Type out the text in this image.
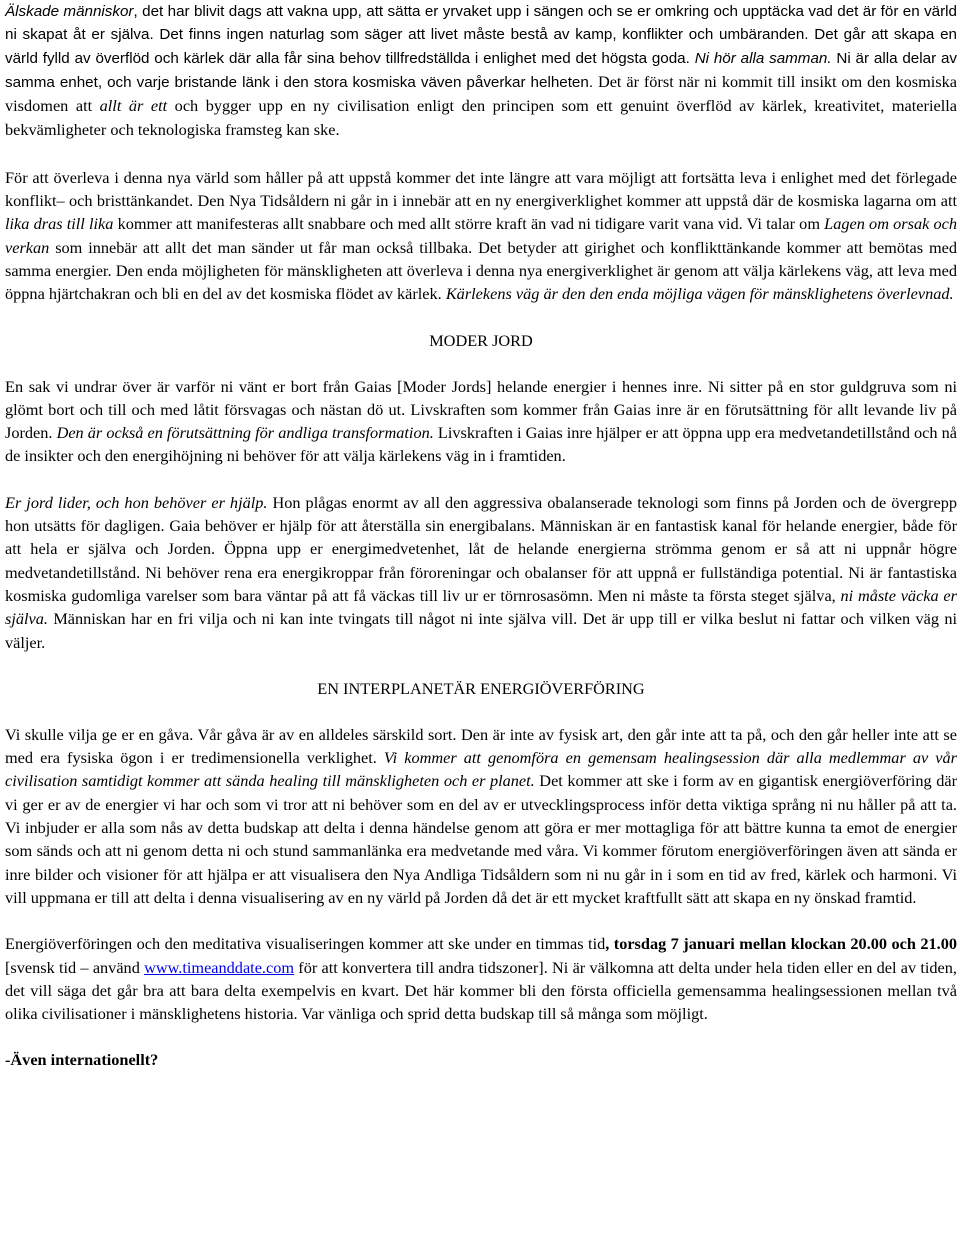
Älskade människor, det har blivit dags att vakna upp, att sätta er yrvaket upp i sängen och se er omkring och upptäcka vad det är för en värld ni skapat åt er själva. Det finns ingen naturlag som säger att livet måste bestå av kamp, konflikter och umbäranden. Det går att skapa en värld fylld av överflöd och kärlek där alla får sina behov tillfredställda i enlighet med det högsta goda. Ni hör alla samman. Ni är alla delar av samma enhet, och varje bristande länk i den stora kosmiska väven påverkar helheten. Det är först när ni kommit till insikt om den kosmiska visdomen att allt är ett och bygger upp en ny civilisation enligt den principen som ett genuint överflöd av kärlek, kreativitet, materiella bekvämligheter och teknologiska framsteg kan ske.

För att överleva i denna nya värld som håller på att uppstå kommer det inte längre att vara möjligt att fortsätta leva i enlighet med det förlegade konflikt– och bristtänkandet. Den Nya Tidsåldern ni går in i innebär att en ny energiverklighet kommer att uppstå där de kosmiska lagarna om att lika dras till lika kommer att manifesteras allt snabbare och med allt större kraft än vad ni tidigare varit vana vid. Vi talar om Lagen om orsak och verkan som innebär att allt det man sänder ut får man också tillbaka. Det betyder att girighet och konflikttänkande kommer att bemötas med samma energier. Den enda möjligheten för mänskligheten att överleva i denna nya energiverklighet är genom att välja kärlekens väg, att leva med öppna hjärtchakran och bli en del av det kosmiska flödet av kärlek. Kärlekens väg är den den enda möjliga vägen för mänsklighetens överlevnad.

MODER JORD

En sak vi undrar över är varför ni vänt er bort från Gaias [Moder Jords] helande energier i hennes inre. Ni sitter på en stor guldgruva som ni glömt bort och till och med låtit försvagas och nästan dö ut. Livskraften som kommer från Gaias inre är en förutsättning för allt levande liv på Jorden. Den är också en förutsättning för andliga transformation. Livskraften i Gaias inre hjälper er att öppna upp era medvetandetillstånd och nå de insikter och den energihöjning ni behöver för att välja kärlekens väg in i framtiden.

Er jord lider, och hon behöver er hjälp. Hon plågas enormt av all den aggressiva obalanserade teknologi som finns på Jorden och de övergrepp hon utsätts för dagligen. Gaia behöver er hjälp för att återställa sin energibalans. Människan är en fantastisk kanal för helande energier, både för att hela er själva och Jorden. Öppna upp er energimedvetenhet, låt de helande energierna strömma genom er så att ni uppnår högre medvetandetillstånd. Ni behöver rena era energikroppar från föroreningar och obalanser för att uppnå er fullständiga potential. Ni är fantastiska kosmiska gudomliga varelser som bara väntar på att få väckas till liv ur er törnrosasömn. Men ni måste ta första steget själva, ni måste väcka er själva. Människan har en fri vilja och ni kan inte tvingats till något ni inte själva vill. Det är upp till er vilka beslut ni fattar och vilken väg ni väljer.

EN INTERPLANETÄR ENERGIÖVERFÖRING

Vi skulle vilja ge er en gåva. Vår gåva är av en alldeles särskild sort. Den är inte av fysisk art, den går inte att ta på, och den går heller inte att se med era fysiska ögon i er tredimensionella verklighet. Vi kommer att genomföra en gemensam healingsession där alla medlemmar av vår civilisation samtidigt kommer att sända healing till mänskligheten och er planet. Det kommer att ske i form av en gigantisk energiöverföring där vi ger er av de energier vi har och som vi tror att ni behöver som en del av er utvecklingsprocess inför detta viktiga språng ni nu håller på att ta. Vi inbjuder er alla som nås av detta budskap att delta i denna händelse genom att göra er mer mottagliga för att bättre kunna ta emot de energier som sänds och att ni genom detta ni och stund sammanlänka era medvetande med våra. Vi kommer förutom energiöverföringen även att sända er inre bilder och visioner för att hjälpa er att visualisera den Nya Andliga Tidsåldern som ni nu går in i som en tid av fred, kärlek och harmoni. Vi vill uppmana er till att delta i denna visualisering av en ny värld på Jorden då det är ett mycket kraftfullt sätt att skapa en ny önskad framtid.

Energiöverföringen och den meditativa visualiseringen kommer att ske under en timmas tid, torsdag 7 januari mellan klockan 20.00 och 21.00 [svensk tid – använd www.timeanddate.com för att konvertera till andra tidszoner]. Ni är välkomna att delta under hela tiden eller en del av tiden, det vill säga det går bra att bara delta exempelvis en kvart. Det här kommer bli den första officiella gemensamma healingsessionen mellan två olika civilisationer i mänsklighetens historia. Var vänliga och sprid detta budskap till så många som möjligt.

-Även internationellt?
